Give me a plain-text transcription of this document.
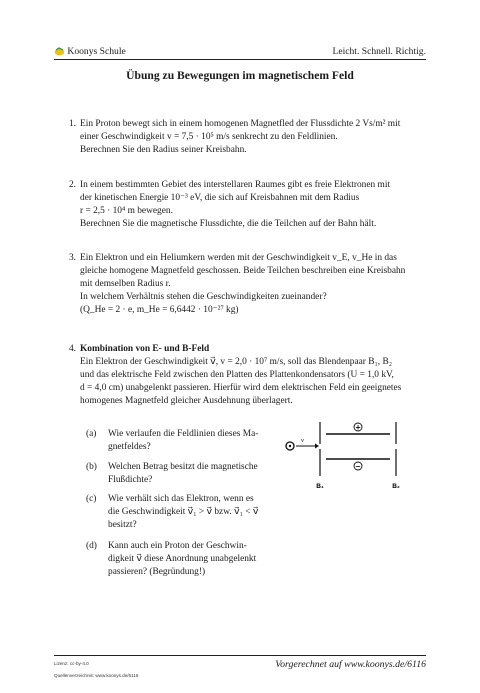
Koonys Schule	Leicht. Schnell. Richtig.
Übung zu Bewegungen im magnetischem Feld
1. Ein Proton bewegt sich in einem homogenen Magnetfled der Flussdichte 2 Vs/m² mit
einer Geschwindigkeit v = 7,5 · 10⁵ m/s senkrecht zu den Feldlinien.
Berechnen Sie den Radius seiner Kreisbahn.
2. In einem bestimmten Gebiet des interstellaren Raumes gibt es freie Elektronen mit
der kinetischen Energie 10⁻³ eV, die sich auf Kreisbahnen mit dem Radius
r = 2,5 · 10⁴ m bewegen.
Berechnen Sie die magnetische Flussdichte, die die Teilchen auf der Bahn hält.
3. Ein Elektron und ein Heliumkern werden mit der Geschwindigkeit v_E, v_He in das
gleiche homogene Magnetfeld geschossen. Beide Teilchen beschreiben eine Kreisbahn
mit demselben Radius r.
In welchem Verhältnis stehen die Geschwindigkeiten zueinander?
(Q_He = 2 · e, m_He = 6,6442 · 10⁻²⁷ kg)
4. Kombination von E- und B-Feld
Ein Elektron der Geschwindigkeit v⃗, v = 2,0 · 10⁷ m/s, soll das Blendenpaar B₁, B₂
und das elektrische Feld zwischen den Platten des Plattenkondensators (U = 1,0 kV,
d = 4,0 cm) unabgelenkt passieren. Hierfür wird dem elektrischen Feld ein geeignetes
homogenes Magnetfeld gleicher Ausdehnung überlagert.
(a) Wie verlaufen die Feldlinien dieses Ma-
gnetfeldes?
(b) Welchen Betrag besitzt die magnetische
Flußdichte?
(c) Wie verhält sich das Elektron, wenn es
die Geschwindigkeit v⃗₁ > v⃗ bzw. v⃗₁ < v⃗
besitzt?
(d) Kann auch ein Proton der Geschwin-
digkeit v⃗ diese Anordnung unabgelenkt
passieren? (Begründung!)
v⃗
+
−
B₁	B₂
Lizenz: cc-by-4.0
Quellenverzeichnis: www.koonys.de/6116
Vorgerechnet auf www.koonys.de/6116
